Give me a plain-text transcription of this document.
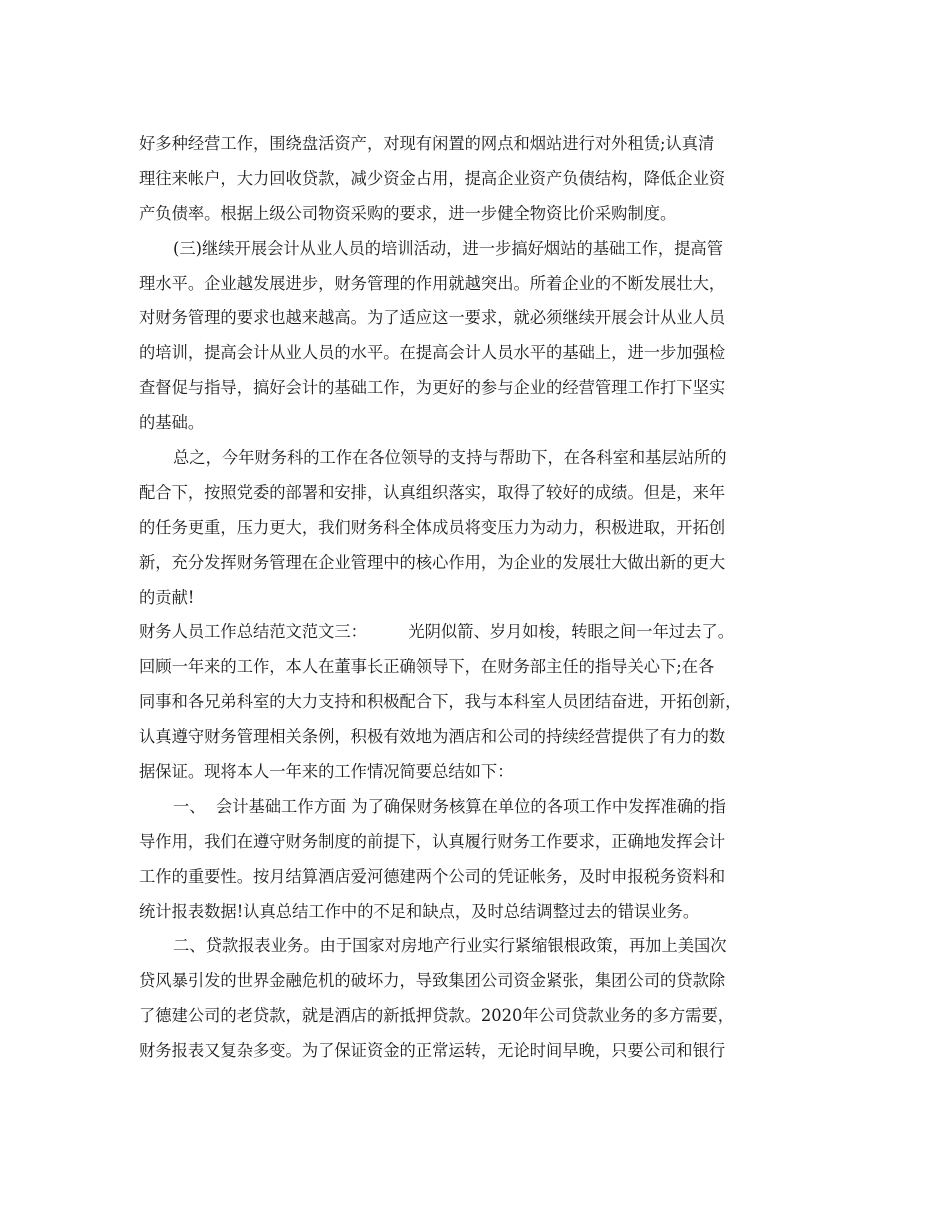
好多种经营工作，围绕盘活资产，对现有闲置的网点和烟站进行对外租赁;认真清
理往来帐户，大力回收贷款，减少资金占用，提高企业资产负债结构，降低企业资
产负债率。根据上级公司物资采购的要求，进一步健全物资比价采购制度。
(三)继续开展会计从业人员的培训活动，进一步搞好烟站的基础工作，提高管
理水平。企业越发展进步，财务管理的作用就越突出。所着企业的不断发展壮大，
对财务管理的要求也越来越高。为了适应这一要求，就必须继续开展会计从业人员
的培训，提高会计从业人员的水平。在提高会计人员水平的基础上，进一步加强检
查督促与指导，搞好会计的基础工作，为更好的参与企业的经营管理工作打下坚实
的基础。
总之，今年财务科的工作在各位领导的支持与帮助下，在各科室和基层站所的
配合下，按照党委的部署和安排，认真组织落实，取得了较好的成绩。但是，来年
的任务更重，压力更大，我们财务科全体成员将变压力为动力，积极进取，开拓创
新，充分发挥财务管理在企业管理中的核心作用，为企业的发展壮大做出新的更大
的贡献!
财务人员工作总结范文范文三：        光阴似箭、岁月如梭，转眼之间一年过去了。
回顾一年来的工作，本人在董事长正确领导下，在财务部主任的指导关心下;在各
同事和各兄弟科室的大力支持和积极配合下，我与本科室人员团结奋进，开拓创新，
认真遵守财务管理相关条例，积极有效地为酒店和公司的持续经营提供了有力的数
据保证。现将本人一年来的工作情况简要总结如下：
一、  会计基础工作方面 为了确保财务核算在单位的各项工作中发挥准确的指
导作用，我们在遵守财务制度的前提下，认真履行财务工作要求，正确地发挥会计
工作的重要性。按月结算酒店爱河德建两个公司的凭证帐务，及时申报税务资料和
统计报表数据!认真总结工作中的不足和缺点，及时总结调整过去的错误业务。
二、贷款报表业务。由于国家对房地产行业实行紧缩银根政策，再加上美国次
贷风暴引发的世界金融危机的破坏力，导致集团公司资金紧张，集团公司的贷款除
了德建公司的老贷款，就是酒店的新抵押贷款。2020年公司贷款业务的多方需要，
财务报表又复杂多变。为了保证资金的正常运转，无论时间早晚，只要公司和银行
